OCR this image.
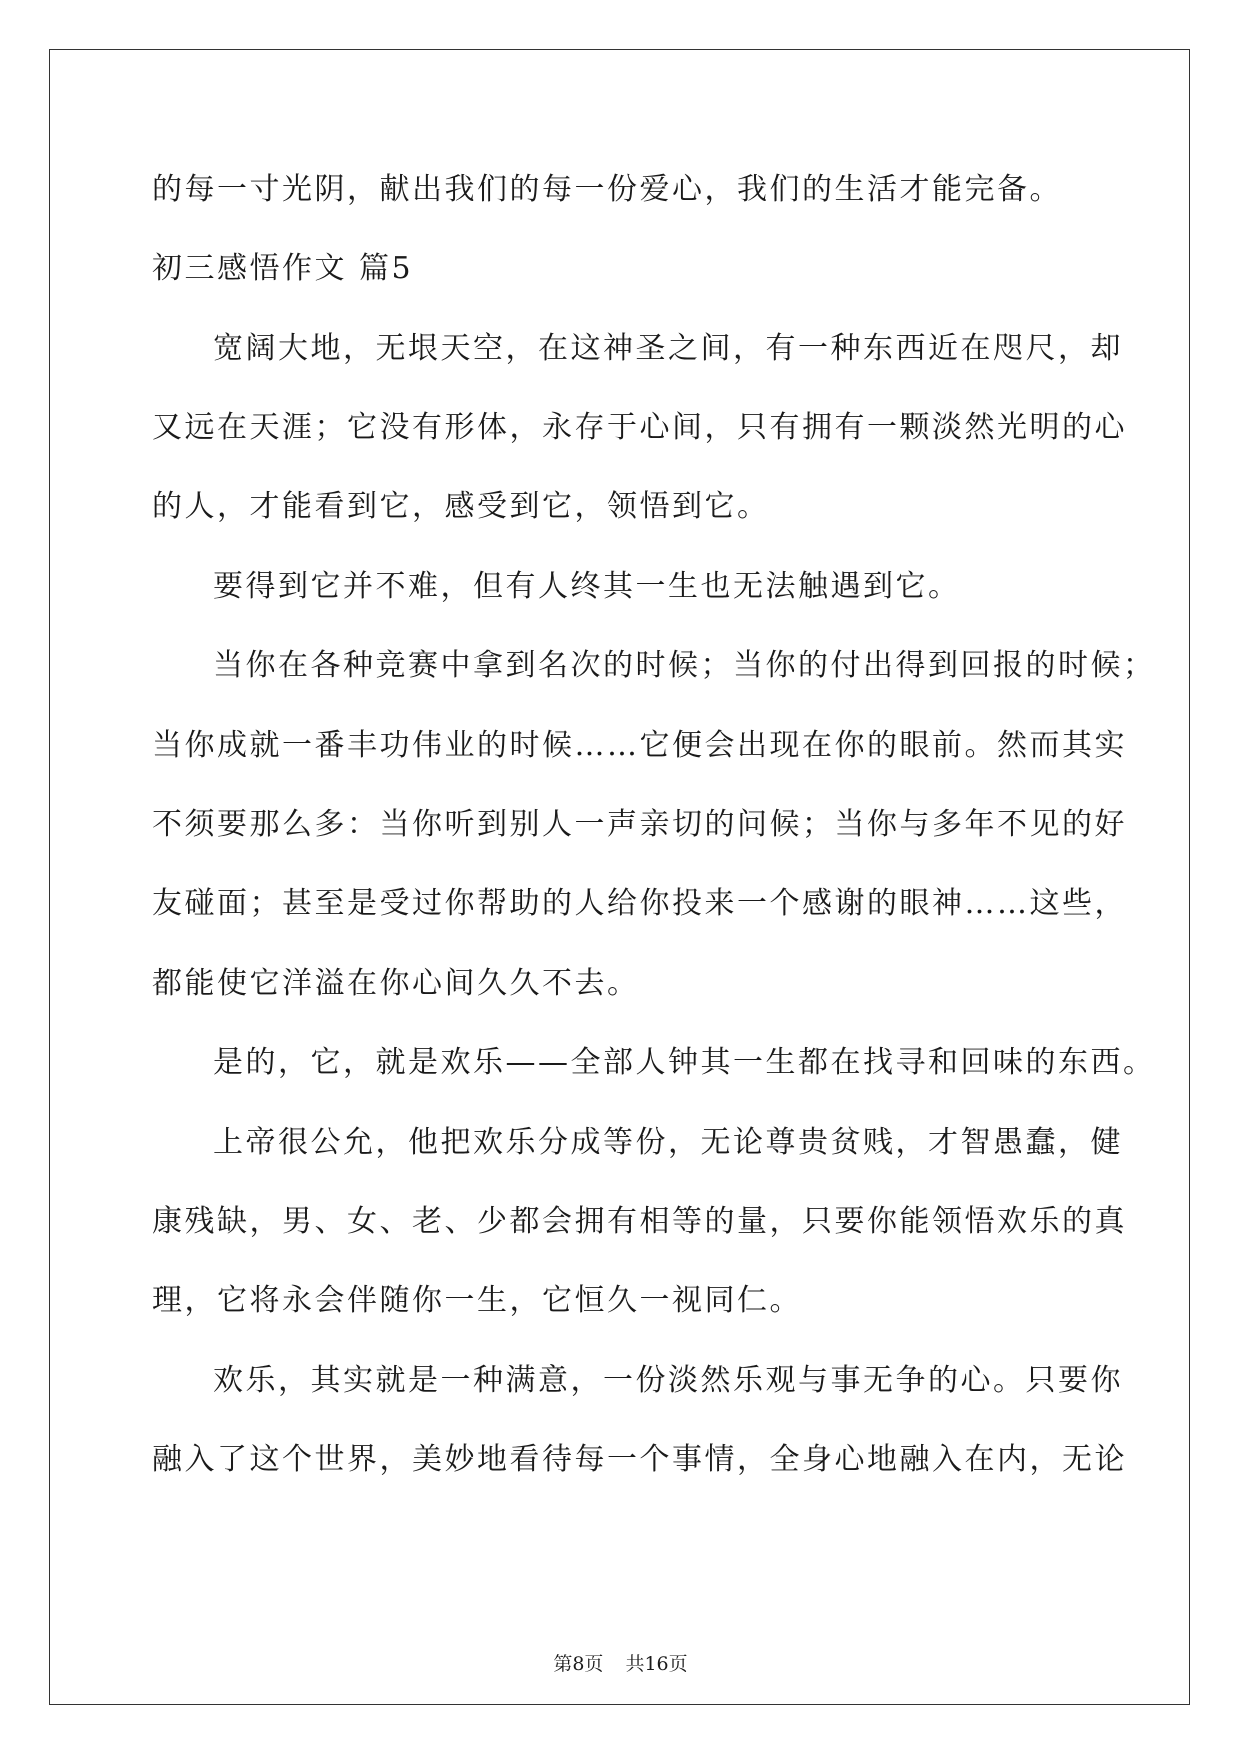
的每一寸光阴，献出我们的每一份爱心，我们的生活才能完备。
初三感悟作文 篇5
宽阔大地，无垠天空，在这神圣之间，有一种东西近在咫尺，却
又远在天涯；它没有形体，永存于心间，只有拥有一颗淡然光明的心
的人，才能看到它，感受到它，领悟到它。
要得到它并不难，但有人终其一生也无法触遇到它。
当你在各种竞赛中拿到名次的时候；当你的付出得到回报的时候；
当你成就一番丰功伟业的时候……它便会出现在你的眼前。然而其实
不须要那么多：当你听到别人一声亲切的问候；当你与多年不见的好
友碰面；甚至是受过你帮助的人给你投来一个感谢的眼神……这些，
都能使它洋溢在你心间久久不去。
是的，它，就是欢乐——全部人钟其一生都在找寻和回味的东西。
上帝很公允，他把欢乐分成等份，无论尊贵贫贱，才智愚蠢，健
康残缺，男、女、老、少都会拥有相等的量，只要你能领悟欢乐的真
理，它将永会伴随你一生，它恒久一视同仁。
欢乐，其实就是一种满意，一份淡然乐观与事无争的心。只要你
融入了这个世界，美妙地看待每一个事情，全身心地融入在内，无论
第8页 共16页
